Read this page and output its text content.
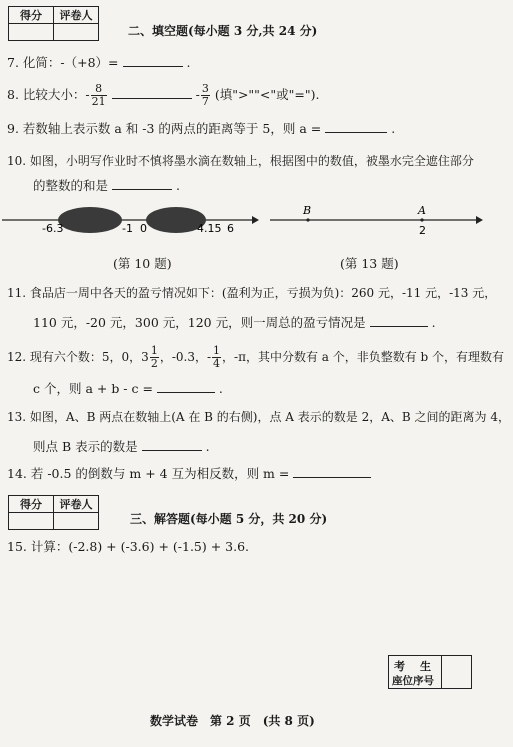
得分	评卷人

二、填空题(每小题 3 分,共 24 分)
7. 化简：-（+8）=	.
8. 比较大小：- $\frac{8}{21}$	- $\frac{3}{7}$ (填">""<"或"=").
9. 若数轴上表示数 a 和 -3 的两点的距离等于 5，则 a =	.
10. 如图，小明写作业时不慎将墨水滴在数轴上，根据图中的数值，被墨水完全遮住部分
的整数的和是	.
-6.3	-1 0	4.15 6
(第 10 题)
B	A
2
(第 13 题)
11. 食品店一周中各天的盈亏情况如下：(盈利为正，亏损为负)：260 元，-11 元，-13 元，
110 元，-20 元，300 元，120 元，则一周总的盈亏情况是	.
12. 现有六个数：5，0，$3 \frac{1}{2}$ ，-0.3，- $\frac{1}{4}$ ，-π，其中分数有 a 个，非负整数有 b 个，有理数有
c 个，则 a + b - c =	.
13. 如图，A、B 两点在数轴上(A 在 B 的右侧)，点 A 表示的数是 2，A、B 之间的距离为 4，
则点 B 表示的数是	.
14. 若 -0.5 的倒数与 m + 4 互为相反数，则 m =
得分	评卷人

三、解答题(每小题 5 分，共 20 分)
15. 计算：(-2.8) + (-3.6) + (-1.5) + 3.6.
考　生
座位序号
数学试卷　第 2 页　(共 8 页)
